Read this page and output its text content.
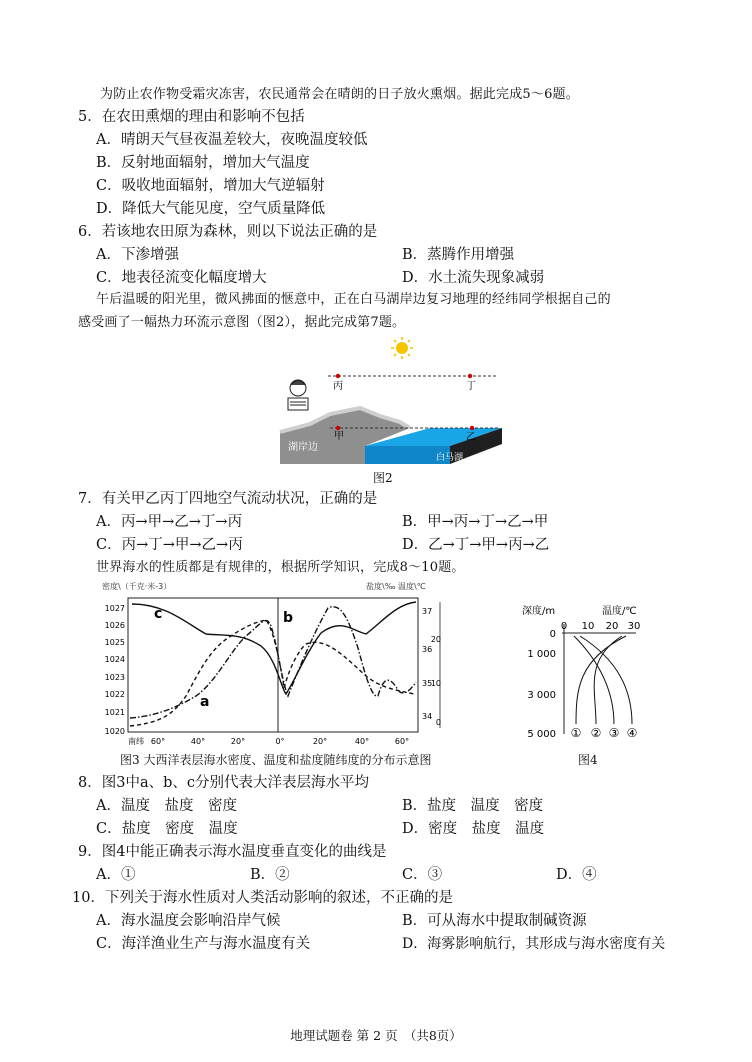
为防止农作物受霜灾冻害，农民通常会在晴朗的日子放火熏烟。据此完成5～6题。
5．在农田熏烟的理由和影响不包括
A．晴朗天气昼夜温差较大，夜晚温度较低
B．反射地面辐射，增加大气温度
C．吸收地面辐射，增加大气逆辐射
D．降低大气能见度，空气质量降低
6．若该地农田原为森林，则以下说法正确的是
A．下渗增强	B．蒸腾作用增强
C．地表径流变化幅度增大	D．水土流失现象减弱
午后温暖的阳光里，微风拂面的惬意中，正在白马湖岸边复习地理的经纬同学根据自己的
感受画了一幅热力环流示意图（图2），据此完成第7题。
丙	丁
甲	乙
湖岸边
白马湖
图2
7．有关甲乙丙丁四地空气流动状况，正确的是
A．丙→甲→乙→丁→丙	B．甲→丙→丁→乙→甲
C．丙→丁→甲→乙→丙	D．乙→丁→甲→丙→乙
世界海水的性质都是有规律的，根据所学知识，完成8～10题。
密度\（千克·米-3）	盐度\‰ 温度\℃
1027
1026
1025
1024
1023
1022
1021
1020
37
36
35
34
20
10
0
南纬 60°	40°	20°	0°	20°	40°	60°
c	b
a
图3 大西洋表层海水密度、温度和盐度随纬度的分布示意图
深度/m	温度/℃
0 10 20 30
0
1 000
3 000
5 000 ① ② ③ ④
图4
8．图3中a、b、c分别代表大洋表层海水平均
A．温度　盐度　密度	B．盐度　温度　密度
C．盐度　密度　温度	D．密度　盐度　温度
9．图4中能正确表示海水温度垂直变化的曲线是
A．①	B．②	C．③	D．④
10．下列关于海水性质对人类活动影响的叙述，不正确的是
A．海水温度会影响沿岸气候	B．可从海水中提取制碱资源
C．海洋渔业生产与海水温度有关	D．海雾影响航行，其形成与海水密度有关
地理试题卷 第 2 页　（共8页）
